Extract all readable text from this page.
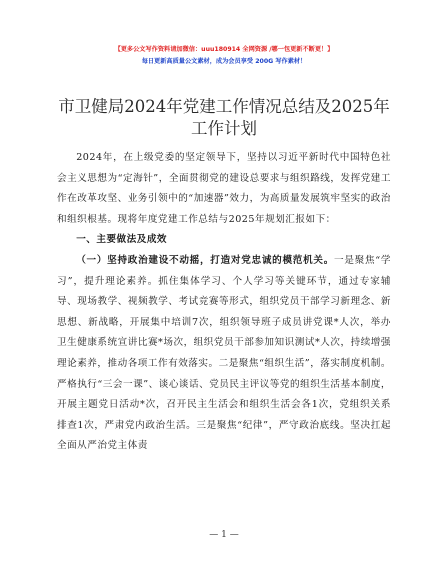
【更多公文写作资料请加微信：uuu180914 全网资源 /哪一包更新不断更！】
每日更新高质量公文素材，成为会员享受 200G 写作素材！
市卫健局2024年党建工作情况总结及2025年工作计划

2024年，在上级党委的坚定领导下，坚持以习近平新时代中国特色社会主义思想为“定海针”，全面贯彻党的建设总要求与组织路线，发挥党建工作在改革攻坚、业务引领中的“加速器”效力，为高质量发展筑牢坚实的政治和组织根基。现将年度党建工作总结与2025年规划汇报如下：

一、主要做法及成效

（一）坚持政治建设不动摇，打造对党忠诚的模范机关。一是聚焦“学习”，提升理论素养。抓住集体学习、个人学习等关键环节，通过专家辅导、现场教学、视频教学、考试竞赛等形式，组织党员干部学习新理念、新思想、新战略，开展集中培训7次，组织领导班子成员讲党课*人次，举办卫生健康系统宣讲比赛*场次，组织党员干部参加知识测试*人次，持续增强理论素养，推动各项工作有效落实。二是聚焦“组织生活”，落实制度机制。严格执行“三会一课”、谈心谈话、党员民主评议等党的组织生活基本制度，开展主题党日活动*次，召开民主生活会和组织生活会各1次，党组织关系排查1次，严肃党内政治生活。三是聚焦“纪律”，严守政治底线。坚决扛起全面从严治党主体责

— 1 —
